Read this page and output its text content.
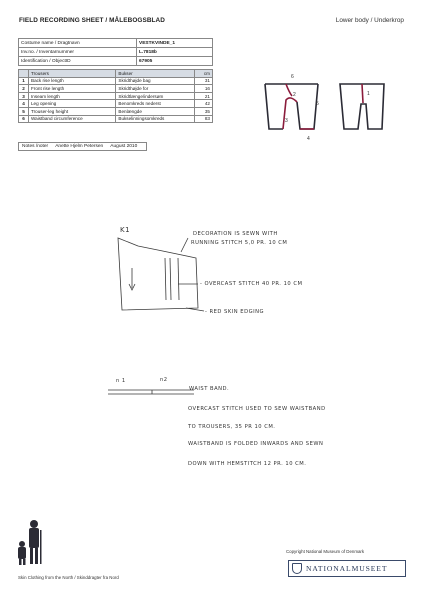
FIELD RECORDING SHEET / MÅLEBOGSBLAD	Lower body / Underkrop
Costume name / Dragtnavn	VESTKVINDE_1
Inv.no. / Inventarnummer	L.7818b
Identification / ObjectID	67905
	Trousers	Bukser	cm
1	Back rise length	Skridthøjde bag	31
2	Front rise length	Skridthøjde for	16
3	Inseam length	Skridtlænge/indersøm	21
4	Leg opening	Benomkreds nederst	42
5	Trouser-leg height	Benlængde	35
6	Waistband circumference	Bukselinningsomkreds	83
Notes /noter Anette Hjelm Petersen August 2010
6
2
5
3
4
1
K1	DECORATION IS SEWN WITH
RUNNING STITCH 5,0 PR. 10 CM
- OVERCAST STITCH 40 PR. 10 CM
- RED SKIN EDGING
n 1	n2
WAIST BAND.
OVERCAST STITCH USED TO SEW WAISTBAND
TO TROUSERS, 35 PR 10 CM.
WAISTBAND IS FOLDED INWARDS AND SEWN
DOWN WITH HEMSTITCH 12 PR. 10 CM.
Skin Clothing from the North / Skinddragter fra Nord
Copyright National Museum of Denmark
NATIONALMUSEET
